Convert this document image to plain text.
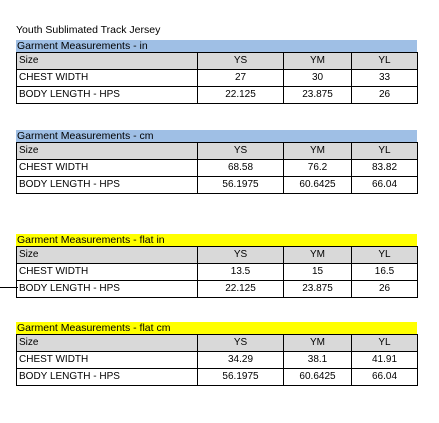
Youth Sublimated Track Jersey
Garment Measurements - in
Size	YS	YM	YL
CHEST WIDTH	27	30	33
BODY LENGTH - HPS	22.125	23.875	26
Garment Measurements - cm
Size	YS	YM	YL
CHEST WIDTH	68.58	76.2	83.82
BODY LENGTH - HPS	56.1975	60.6425	66.04
Garment Measurements - flat in
Size	YS	YM	YL
CHEST WIDTH	13.5	15	16.5
BODY LENGTH - HPS	22.125	23.875	26
Garment Measurements - flat cm
Size	YS	YM	YL
CHEST WIDTH	34.29	38.1	41.91
BODY LENGTH - HPS	56.1975	60.6425	66.04
